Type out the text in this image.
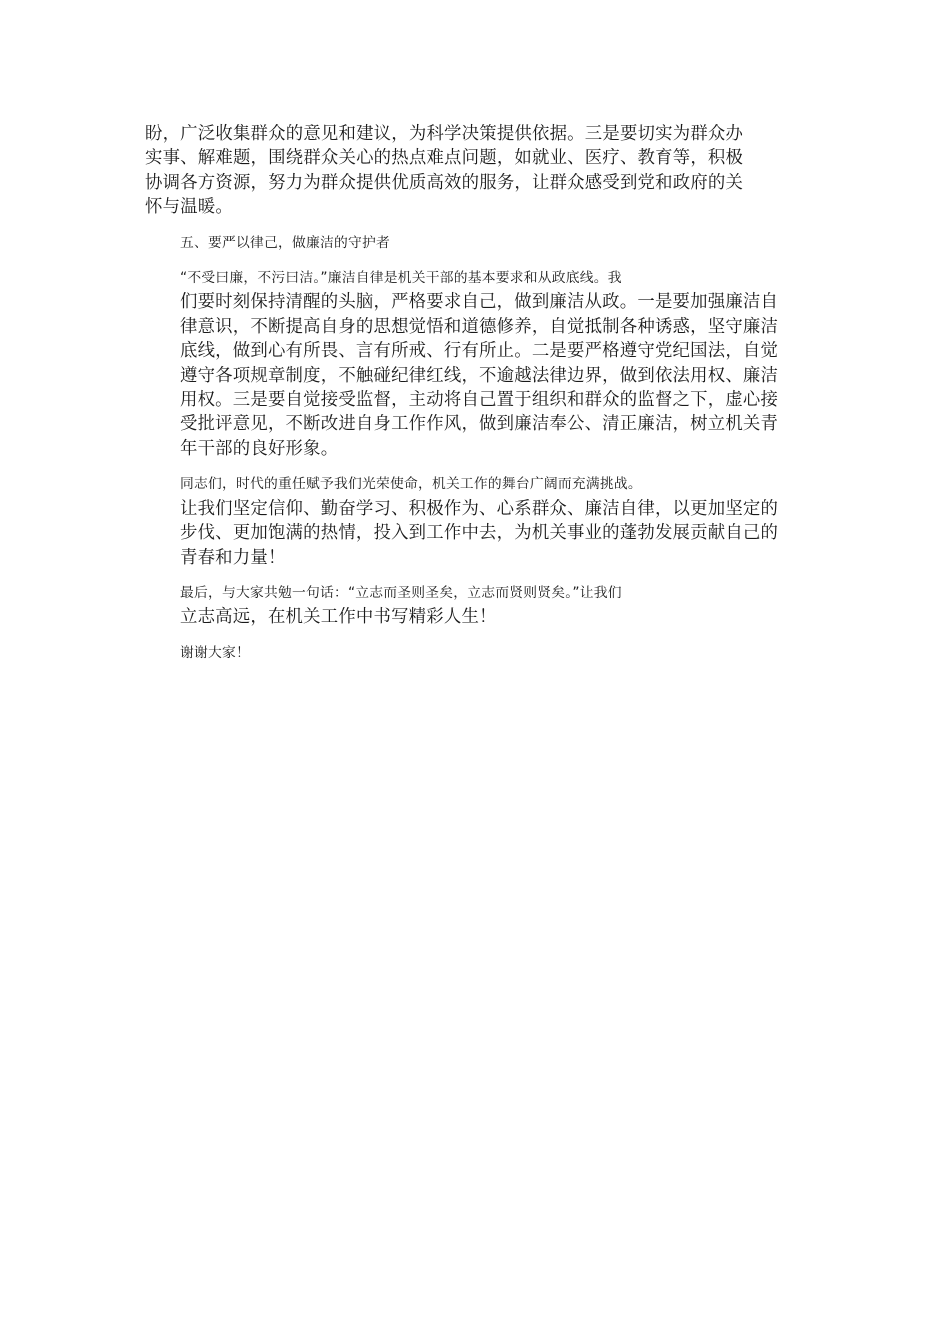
盼，广泛收集群众的意见和建议，为科学决策提供依据。三是要切实为群众办
实事、解难题，围绕群众关心的热点难点问题，如就业、医疗、教育等，积极
协调各方资源，努力为群众提供优质高效的服务，让群众感受到党和政府的关
怀与温暖。

五、要严以律己，做廉洁的守护者

“不受曰廉，不污曰洁。”廉洁自律是机关干部的基本要求和从政底线。我
们要时刻保持清醒的头脑，严格要求自己，做到廉洁从政。一是要加强廉洁自
律意识，不断提高自身的思想觉悟和道德修养，自觉抵制各种诱惑，坚守廉洁
底线，做到心有所畏、言有所戒、行有所止。二是要严格遵守党纪国法，自觉
遵守各项规章制度，不触碰纪律红线，不逾越法律边界，做到依法用权、廉洁
用权。三是要自觉接受监督，主动将自己置于组织和群众的监督之下，虚心接
受批评意见，不断改进自身工作作风，做到廉洁奉公、清正廉洁，树立机关青
年干部的良好形象。

同志们，时代的重任赋予我们光荣使命，机关工作的舞台广阔而充满挑战。
让我们坚定信仰、勤奋学习、积极作为、心系群众、廉洁自律，以更加坚定的
步伐、更加饱满的热情，投入到工作中去，为机关事业的蓬勃发展贡献自己的
青春和力量！

最后，与大家共勉一句话：“立志而圣则圣矣，立志而贤则贤矣。”让我们
立志高远，在机关工作中书写精彩人生！

谢谢大家！
